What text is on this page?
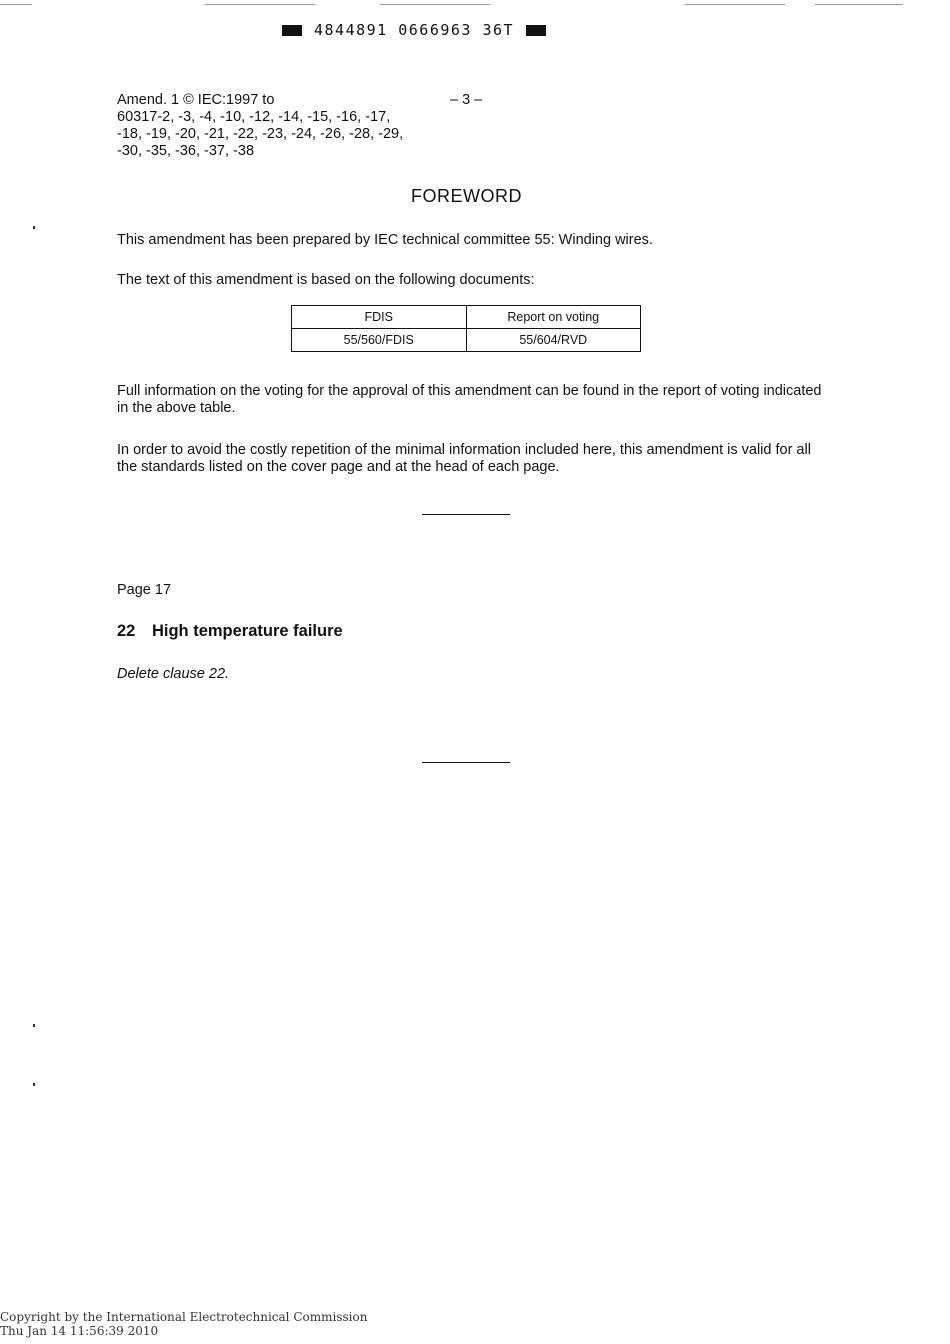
4844891 0666963 36T
Amend. 1 © IEC:1997 to
60317-2, -3, -4, -10, -12, -14, -15, -16, -17,
-18, -19, -20, -21, -22, -23, -24, -26, -28, -29,
-30, -35, -36, -37, -38
– 3 –
FOREWORD
This amendment has been prepared by IEC technical committee 55: Winding wires.
The text of this amendment is based on the following documents:
FDIS	Report on voting
55/560/FDIS	55/604/RVD
Full information on the voting for the approval of this amendment can be found in the report of voting indicated in the above table.
In order to avoid the costly repetition of the minimal information included here, this amendment is valid for all the standards listed on the cover page and at the head of each page.
Page 17
22 High temperature failure
Delete clause 22.
Copyright by the International Electrotechnical Commission
Thu Jan 14 11:56:39 2010
